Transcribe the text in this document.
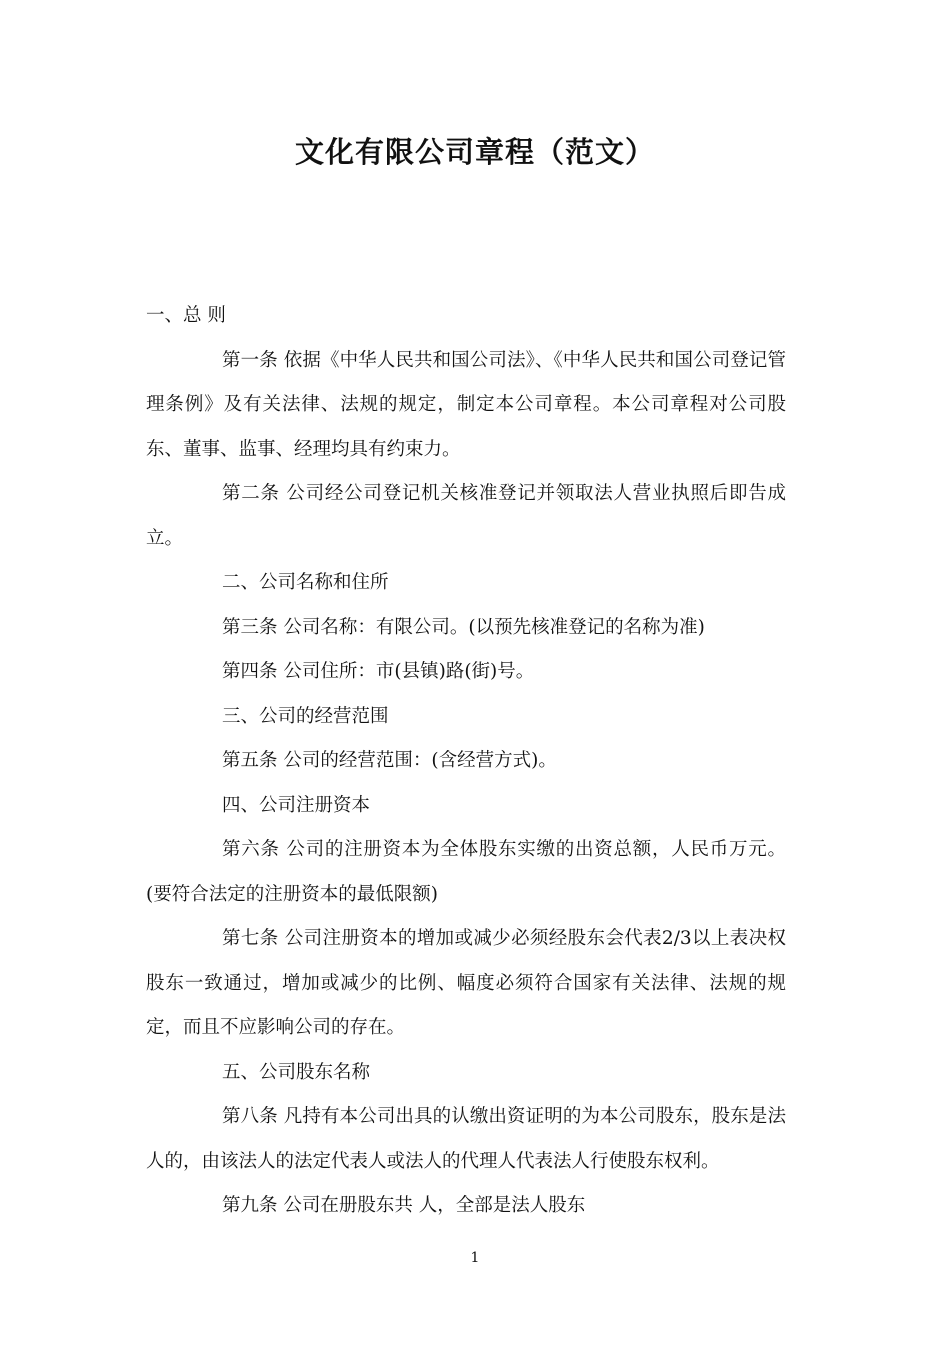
文化有限公司章程（范文）

一、总 则

第一条 依据《中华人民共和国公司法》、《中华人民共和国公司登记管理条例》及有关法律、法规的规定，制定本公司章程。本公司章程对公司股东、董事、监事、经理均具有约束力。

第二条 公司经公司登记机关核准登记并领取法人营业执照后即告成立。

二、公司名称和住所

第三条 公司名称：有限公司。(以预先核准登记的名称为准)

第四条 公司住所：市(县镇)路(街)号。

三、公司的经营范围

第五条 公司的经营范围：(含经营方式)。

四、公司注册资本

第六条 公司的注册资本为全体股东实缴的出资总额，人民币万元。(要符合法定的注册资本的最低限额)

第七条 公司注册资本的增加或减少必须经股东会代表2/3以上表决权股东一致通过，增加或减少的比例、幅度必须符合国家有关法律、法规的规定，而且不应影响公司的存在。

五、公司股东名称

第八条 凡持有本公司出具的认缴出资证明的为本公司股东，股东是法人的，由该法人的法定代表人或法人的代理人代表法人行使股东权利。

第九条 公司在册股东共 人，全部是法人股东

1
